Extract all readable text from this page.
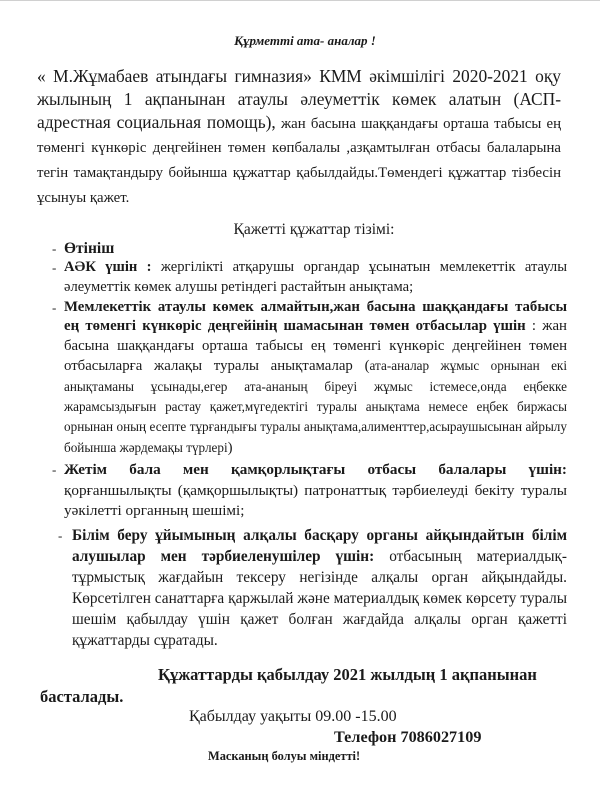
Құрметті ата- аналар !
« М.Жұмабаев атындағы гимназия» КММ әкімшілігі 2020-2021 оқу жылының 1 ақпанынан атаулы әлеуметтік көмек алатын (АСП-адрестная социальная помощь), жан басына шаққандағы орташа табысы ең төменгі күнкөріс деңгейінен төмен көпбалалы ,азқамтылған отбасы балаларына тегін тамақтандыру бойынша құжаттар қабылдайды.Төмендегі құжаттар тізбесін ұсынуы қажет.
Қажетті құжаттар тізімі:
- Өтініш
- АӘК үшін : жергілікті атқарушы органдар ұсынатын мемлекеттік атаулы әлеуметтік көмек алушы ретіндегі растайтын анықтама;
- Мемлекеттік атаулы көмек алмайтын,жан басына шаққандағы табысы ең төменгі күнкөріс деңгейінің шамасынан төмен отбасылар үшін : жан басына шаққандағы орташа табысы ең төменгі күнкөріс деңгейінен төмен отбасыларға жалақы туралы анықтамалар (ата-аналар жұмыс орнынан екі анықтаманы ұсынады,егер ата-ананың біреуі жұмыс істемесе,онда еңбекке жарамсыздығын растау қажет,мүгедектігі туралы анықтама немесе еңбек биржасы орнынан оның есепте тұрғандығы туралы анықтама,алименттер,асыраушысынан айрылу бойынша жәрдемақы түрлері)
- Жетім бала мен қамқорлықтағы отбасы балалары үшін: қорғаншылықты (қамқоршылықты) патронаттық тәрбиелеуді бекіту туралы уәкілетті органның шешімі;
- Білім беру ұйымының алқалы басқару органы айқындайтын білім алушылар мен тәрбиеленушілер үшін: отбасының материалдық-тұрмыстық жағдайын тексеру негізінде алқалы орган айқындайды. Көрсетілген санаттарға қаржылай және материалдық көмек көрсету туралы шешім қабылдау үшін қажет болған жағдайда алқалы орган қажетті құжаттарды сұратады.
Құжаттарды қабылдау 2021 жылдың 1 ақпанынан
басталады.
Қабылдау уақыты 09.00 -15.00
Телефон 7086027109
Масканың болуы міндетті!
